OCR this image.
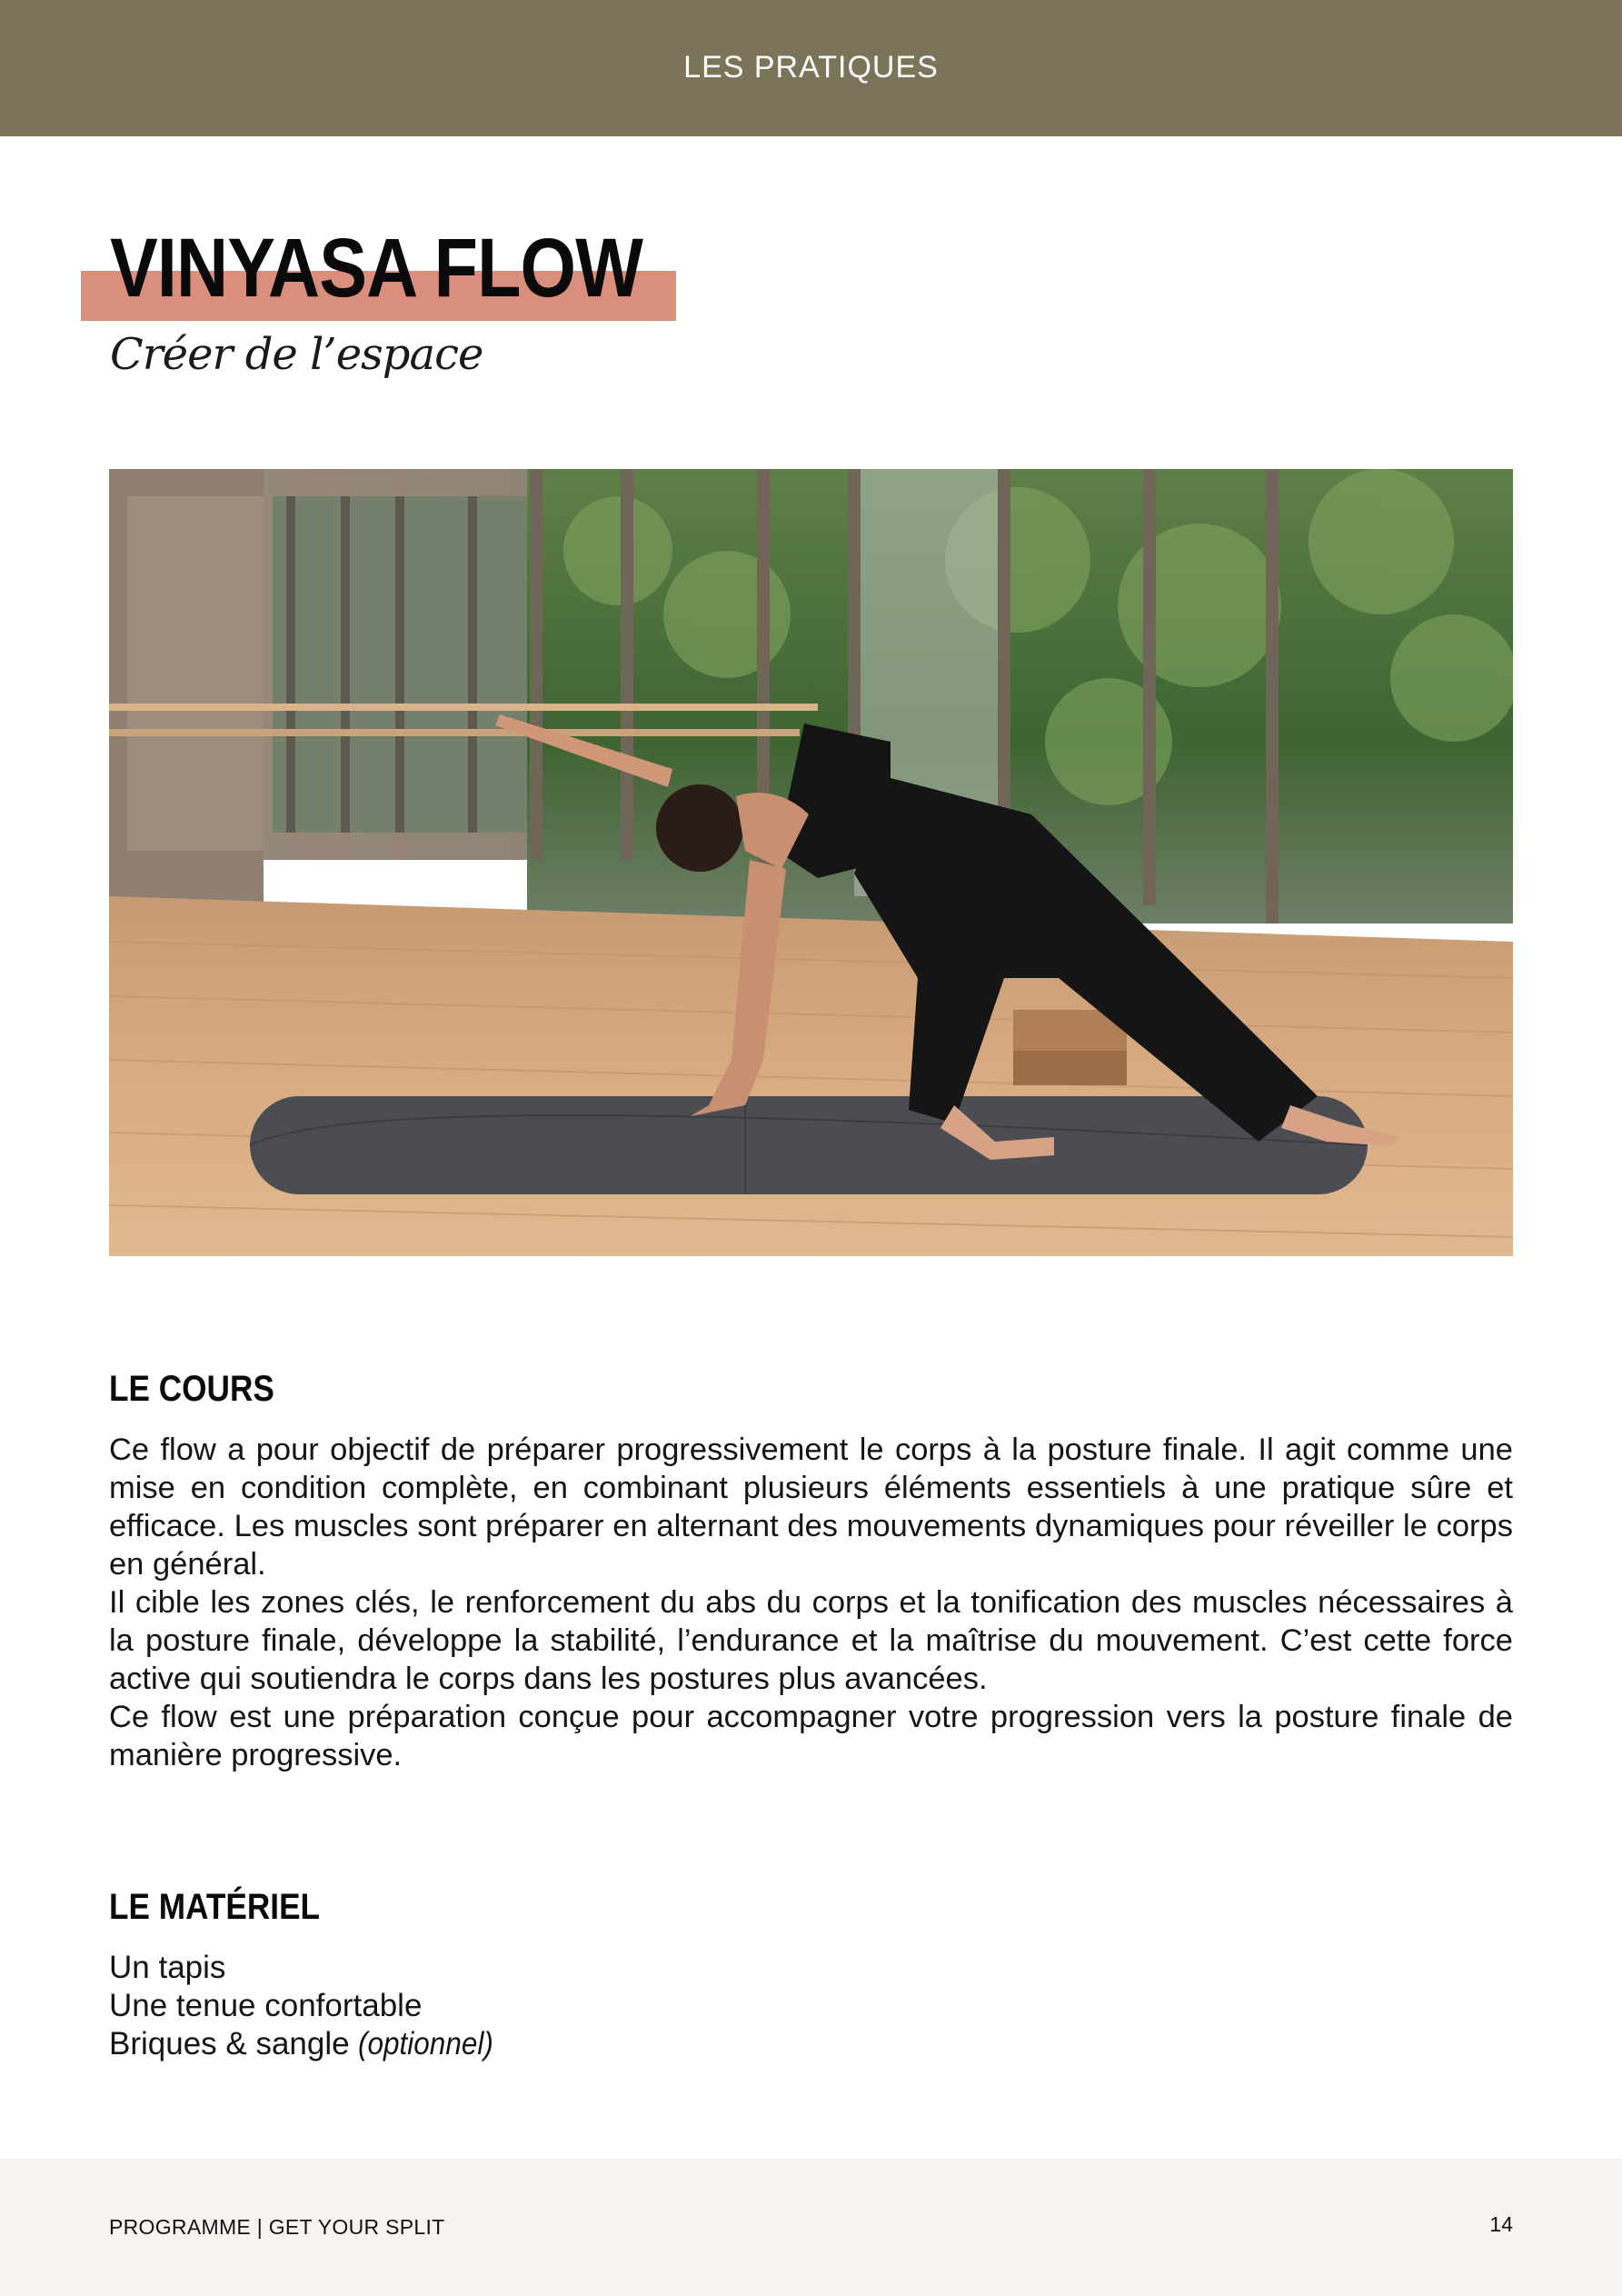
LES PRATIQUES
VINYASA FLOW

Créer de l’espace

LE COURS

Ce flow a pour objectif de préparer progressivement le corps à la posture finale. Il agit comme une mise en condition complète, en combinant plusieurs éléments essentiels à une pratique sûre et efficace. Les muscles sont préparer en alternant des mouvements dynamiques pour réveiller le corps en général.

Il cible les zones clés, le renforcement du abs du corps et la tonification des muscles nécessaires à la posture finale, développe la stabilité, l’endurance et la maîtrise du mouvement. C’est cette force active qui soutiendra le corps dans les postures plus avancées.

Ce flow est une préparation conçue pour accompagner votre progression vers la posture finale de manière progressive.

LE MATÉRIEL
Un tapis
Une tenue confortable
Briques & sangle (optionnel)
PROGRAMME | GET YOUR SPLIT	14
